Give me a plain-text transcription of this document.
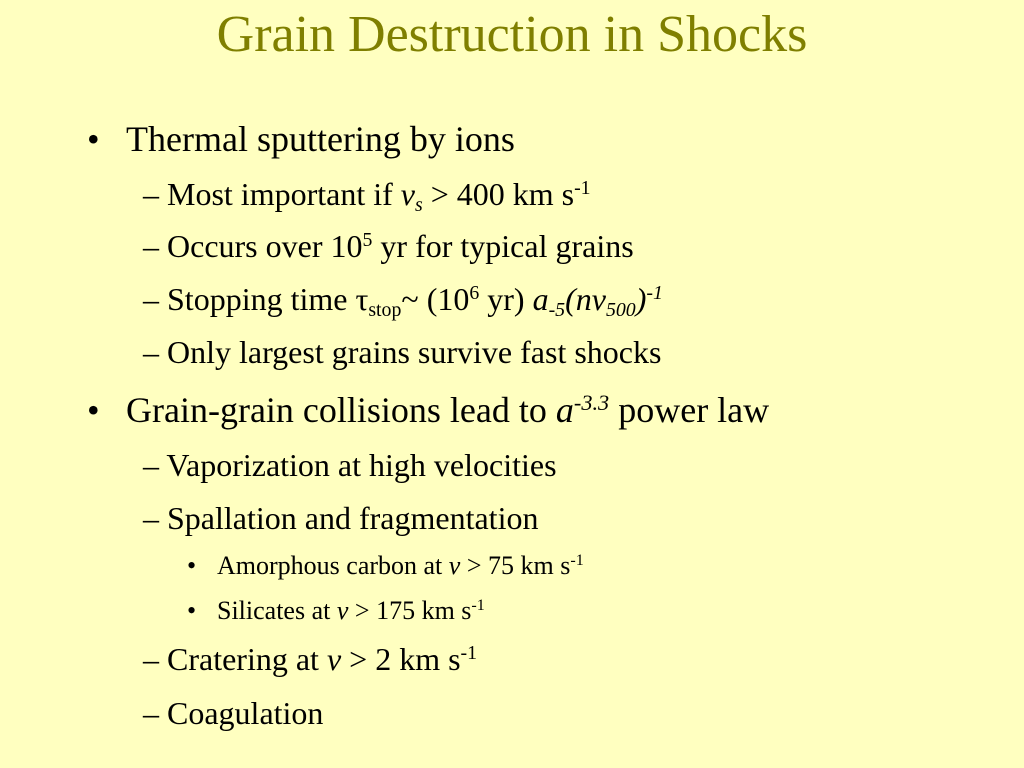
Grain Destruction in Shocks
• Thermal sputtering by ions
– Most important if $v_s > 400$ km $s^{-1}$
– Occurs over $10^5$ yr for typical grains
– Stopping time $\tau_{stop}\sim$ ($10^6$ yr) $a_{-5}(nv_{500})^{-1}$
– Only largest grains survive fast shocks
• Grain-grain collisions lead to $a^{-3.3}$ power law
– Vaporization at high velocities
– Spallation and fragmentation
• Amorphous carbon at v > 75 km $s^{-1}$
• Silicates at v > 175 km $s^{-1}$
– Cratering at v > 2 km $s^{-1}$
– Coagulation
